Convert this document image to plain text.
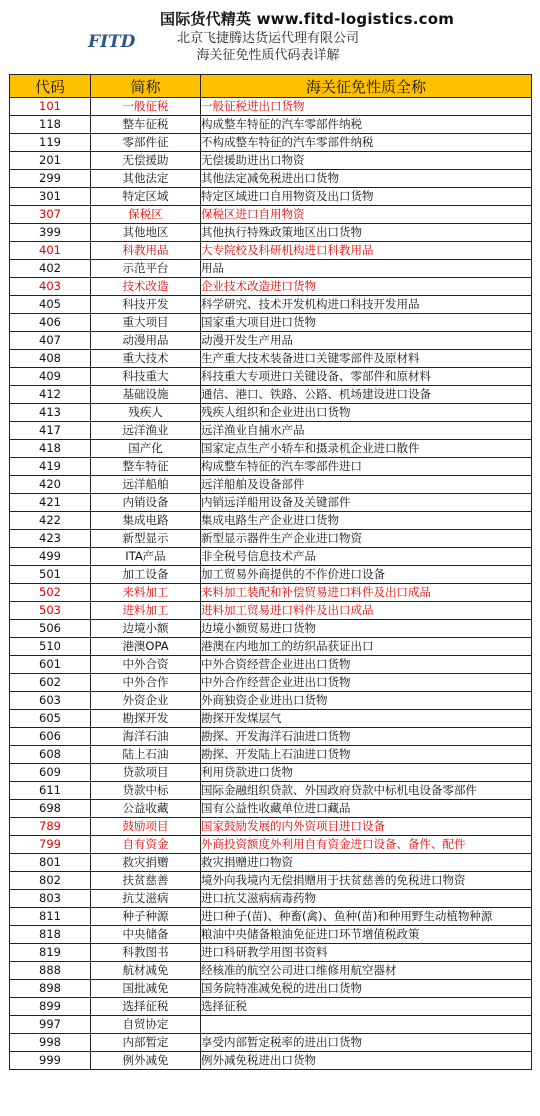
FITD
国际货代精英 www.fitd-logistics.com
北京飞捷腾达货运代理有限公司
海关征免性质代码表详解
代码	简称	海关征免性质全称
101	一般征税	一般征税进出口货物
118	整车征税	构成整车特征的汽车零部件纳税
119	零部件征	不构成整车特征的汽车零部件纳税
201	无偿援助	无偿援助进出口物资
299	其他法定	其他法定减免税进出口货物
301	特定区域	特定区域进口自用物资及出口货物
307	保税区	保税区进口自用物资
399	其他地区	其他执行特殊政策地区出口货物
401	科教用品	大专院校及科研机构进口科教用品
402	示范平台	用品
403	技术改造	企业技术改造进口货物
405	科技开发	科学研究、技术开发机构进口科技开发用品
406	重大项目	国家重大项目进口货物
407	动漫用品	动漫开发生产用品
408	重大技术	生产重大技术装备进口关键零部件及原材料
409	科技重大	科技重大专项进口关键设备、零部件和原材料
412	基础设施	通信、港口、铁路、公路、机场建设进口设备
413	残疾人	残疾人组织和企业进出口货物
417	远洋渔业	远洋渔业自捕水产品
418	国产化	国家定点生产小轿车和摄录机企业进口散件
419	整车特征	构成整车特征的汽车零部件进口
420	远洋船舶	远洋船舶及设备部件
421	内销设备	内销远洋船用设备及关键部件
422	集成电路	集成电路生产企业进口货物
423	新型显示	新型显示器件生产企业进口物资
499	ITA产品	非全税号信息技术产品
501	加工设备	加工贸易外商提供的不作价进口设备
502	来料加工	来料加工装配和补偿贸易进口料件及出口成品
503	进料加工	进料加工贸易进口料件及出口成品
506	边境小额	边境小额贸易进口货物
510	港澳OPA	港澳在内地加工的纺织品获证出口
601	中外合资	中外合资经营企业进出口货物
602	中外合作	中外合作经营企业进出口货物
603	外资企业	外商独资企业进出口货物
605	勘探开发	勘探开发煤层气
606	海洋石油	勘探、开发海洋石油进口货物
608	陆上石油	勘探、开发陆上石油进口货物
609	贷款项目	利用贷款进口货物
611	贷款中标	国际金融组织贷款、外国政府贷款中标机电设备零部件
698	公益收藏	国有公益性收藏单位进口藏品
789	鼓励项目	国家鼓励发展的内外资项目进口设备
799	自有资金	外商投资额度外利用自有资金进口设备、备件、配件
801	救灾捐赠	救灾捐赠进口物资
802	扶贫慈善	境外向我境内无偿捐赠用于扶贫慈善的免税进口物资
803	抗艾滋病	进口抗艾滋病病毒药物
811	种子种源	进口种子(苗)、种畜(禽)、鱼种(苗)和种用野生动植物种源
818	中央储备	粮油中央储备粮油免征进口环节增值税政策
819	科教图书	进口科研教学用图书资料
888	航材减免	经核准的航空公司进口维修用航空器材
898	国批减免	国务院特准减免税的进出口货物
899	选择征税	选择征税
997	自贸协定	
998	内部暂定	享受内部暂定税率的进出口货物
999	例外减免	例外减免税进出口货物
